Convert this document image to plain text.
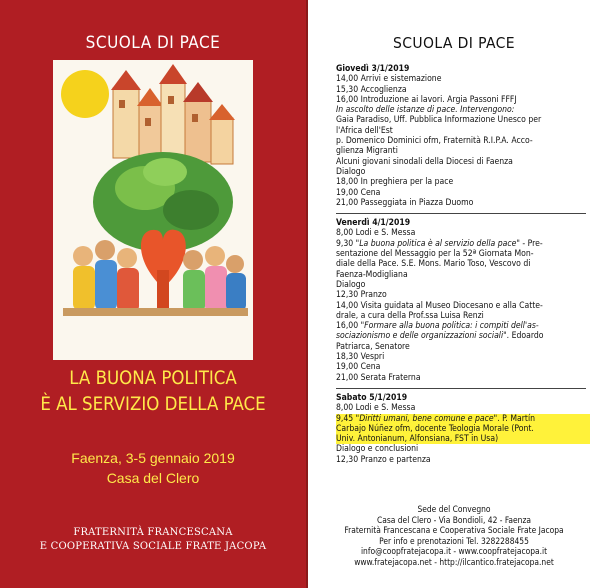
SCUOLA DI PACE
LA BUONA POLITICA
È AL SERVIZIO DELLA PACE
Faenza, 3-5 gennaio 2019
Casa del Clero
FRATERNITÀ FRANCESCANA
E COOPERATIVA SOCIALE FRATE JACOPA
SCUOLA DI PACE
Giovedì 3/1/2019
14,00 Arrivi e sistemazione
15,30 Accoglienza
16,00 Introduzione ai lavori. Argia Passoni FFFJ
In ascolto delle istanze di pace. Intervengono:
Gaia Paradiso, Uff. Pubblica Informazione Unesco per
l'Africa dell'Est
p. Domenico Dominici ofm, Fraternità R.I.P.A. Acco-
glienza Migranti
Alcuni giovani sinodali della Diocesi di Faenza
Dialogo
18,00 In preghiera per la pace
19,00 Cena
21,00 Passeggiata in Piazza Duomo
Venerdì 4/1/2019
8,00 Lodi e S. Messa
9,30 "La buona politica è al servizio della pace" - Pre-
sentazione del Messaggio per la 52ª Giornata Mon-
diale della Pace. S.E. Mons. Mario Toso, Vescovo di
Faenza-Modigliana
Dialogo
12,30 Pranzo
14,00 Visita guidata al Museo Diocesano e alla Catte-
drale, a cura della Prof.ssa Luisa Renzi
16,00 "Formare alla buona politica: i compiti dell'as-
sociazionismo e delle organizzazioni sociali". Edoardo
Patriarca, Senatore
18,30 Vespri
19,00 Cena
21,00 Serata Fraterna
Sabato 5/1/2019
8,00 Lodi e S. Messa
9,45 "Diritti umani, bene comune e pace". P. Martín
Carbajo Núñez ofm, docente Teologia Morale (Pont.
Univ. Antonianum, Alfonsiana, FST in Usa)
Dialogo e conclusioni
12,30 Pranzo e partenza
Sede del Convegno
Casa del Clero - Via Bondioli, 42 - Faenza
Fraternità Francescana e Cooperativa Sociale Frate Jacopa
Per info e prenotazioni Tel. 3282288455
info@coopfratejacopa.it - www.coopfratejacopa.it
www.fratejacopa.net - http://ilcantico.fratejacopa.net
